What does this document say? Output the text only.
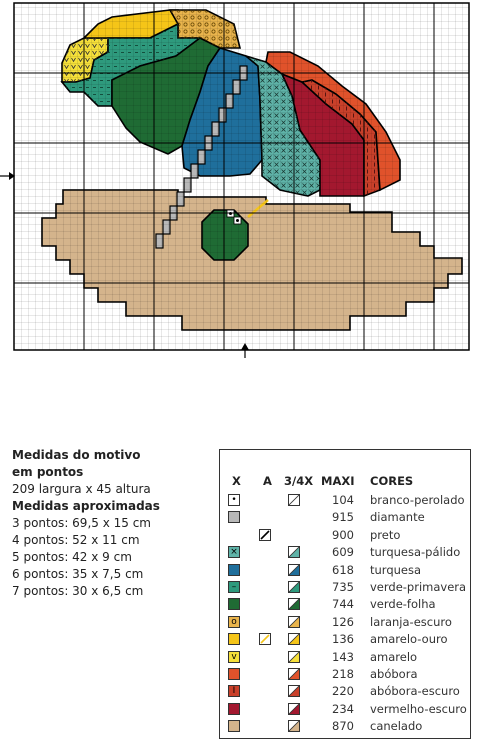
Medidas do motivo
em pontos
209 largura x 45 altura
Medidas aproximadas
3 pontos: 69,5 x 15 cm
4 pontos: 52 x 11 cm
5 pontos: 42 x 9 cm
6 pontos: 35 x 7,5 cm
7 pontos: 30 x 6,5 cm
X A 3/4X MAXI CORES
•	104 branco-perolado
915 diamante
900 preto
×	609 turquesa-pálido
618 turquesa
–	735 verde-primavera
744 verde-folha
o	126 laranja-escuro
136 amarelo-ouro
v	143 amarelo
218 abóbora
I	220 abóbora-escuro
234 vermelho-escuro
870 canelado
